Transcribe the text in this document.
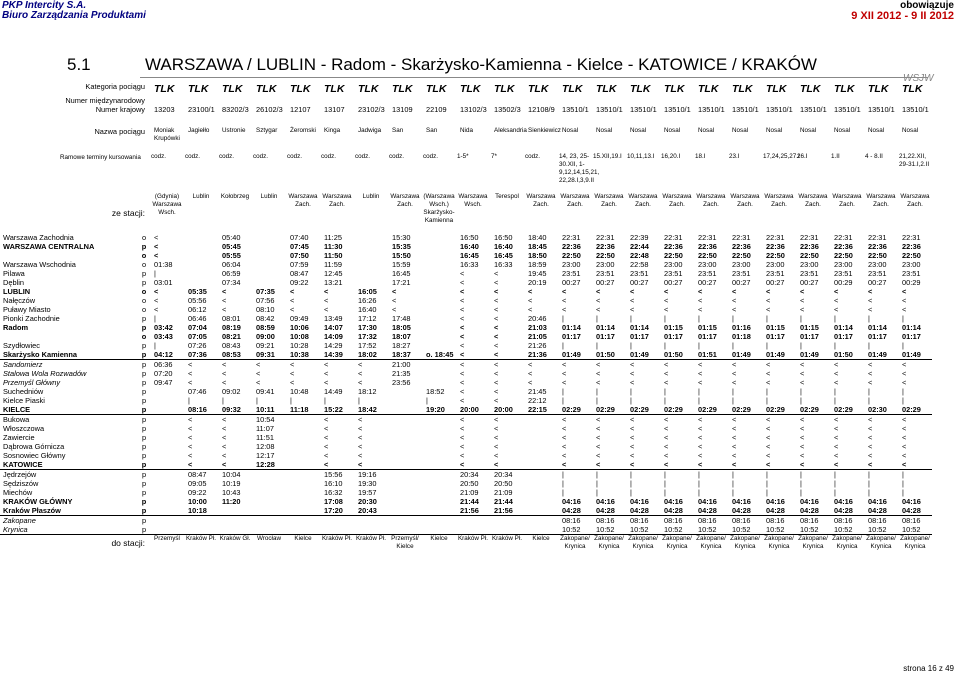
PKP Intercity S.A.
Biuro Zarządzania Produktami
obowiązuje
9 XII 2012 - 9 II 2012
5.1	WARSZAWA / LUBLIN - Radom - Skarżysko-Kamienna - Kielce - KATOWICE / KRAKÓW
WSJW
Kategoria pociągu		TLK	TLK	TLK	TLK	TLK	TLK	TLK	TLK	TLK	TLK	TLK	TLK	TLK	TLK	TLK	TLK	TLK	TLK	TLK	TLK	TLK	TLK	TLK
Numer międzynarodowy																								
Numer krajowy		13203	23100/1	83202/3	26102/3	12107	13107	23102/3	13109	22109	13102/3	13502/3	12108/9	13510/1	13510/1	13510/1	13510/1	13510/1	13510/1	13510/1	13510/1	13510/1	13510/1	13510/1
Nazwa pociągu		Moniak Krupówki	Jagiełło	Ustronie	Sztygar	Żeromski	Kinga	Jadwiga	San	San	Nida	Aleksandria	Sienkiewicz	Nosal	Nosal	Nosal	Nosal	Nosal	Nosal	Nosal	Nosal	Nosal	Nosal	Nosal
Ramowe terminy kursowania		codz.	codz.	codz.	codz.	codz.	codz.	codz.	codz.	codz.	1-5*	7*	codz.	14, 23, 25-30.XII, 1-9,12,14,15,21, 22,28.I,3,9.II	15.XII,19.I	10,11,13.I	16,20.I	18.I	23.I	17,24,25,27.I	26.I	1.II	4 - 8.II	21,22.XII, 29-31.I,2.II
ze stacji:		(Gdynia) Warszawa Wsch.	Lublin	Kołobrzeg	Lublin	Warszawa Zach.	Warszawa Zach.	Lublin	Warszawa Zach.	(Warszawa Wsch.) Skarżysko-Kamienna	Warszawa Wsch.	Terespol	Warszawa Zach.	Warszawa Zach.	Warszawa Zach.	Warszawa Zach.	Warszawa Zach.	Warszawa Zach.	Warszawa Zach.	Warszawa Zach.	Warszawa Zach.	Warszawa Zach.	Warszawa Zach.	Warszawa Zach.
Warszawa Zachodnia	o	<		05:40		07:40	11:25		15:30		16:50	16:50	18:40	22:31	22:31	22:39	22:31	22:31	22:31	22:31	22:31	22:31	22:31	22:31
WARSZAWA CENTRALNA	p	<		05:45		07:45	11:30		15:35		16:40	16:40	18:45	22:36	22:36	22:44	22:36	22:36	22:36	22:36	22:36	22:36	22:36	22:36
	o	<		05:55		07:50	11:50		15:50		16:45	16:45	18:50	22:50	22:50	22:48	22:50	22:50	22:50	22:50	22:50	22:50	22:50	22:50
Warszawa Wschodnia	o	01:38		06:04		07:59	11:59		15:59		16:33	16:33	18:59	23:00	23:00	22:58	23:00	23:00	23:00	23:00	23:00	23:00	23:00	23:00
Pilawa	p	|		06:59		08:47	12:45		16:45		<	<	19:45	23:51	23:51	23:51	23:51	23:51	23:51	23:51	23:51	23:51	23:51	23:51
Dęblin	p	03:01		07:34		09:22	13:21		17:21		<	<	20:19	00:27	00:27	00:27	00:27	00:27	00:27	00:27	00:27	00:29	00:27	00:29
LUBLIN	o	<	05:35	<	07:35	<	<	16:05	<		<	<	<	<	<	<	<	<	<	<	<	<	<	<
Nałęczów	o	<	05:56	<	07:56	<	<	16:26	<		<	<	<	<	<	<	<	<	<	<	<	<	<	<
Puławy Miasto	o	<	06:12	<	08:10	<	<	16:40	<		<	<	<	<	<	<	<	<	<	<	<	<	<	<
Pionki Zachodnie	p	|	06:46	08:01	08:42	09:49	13:49	17:12	17:48		<	<	20:46	|	|	|	|	|	|	|	|	|	|	|
Radom	p	03:42	07:04	08:19	08:59	10:06	14:07	17:30	18:05		<	<	21:03	01:14	01:14	01:14	01:15	01:15	01:16	01:15	01:15	01:14	01:14	01:14
	o	03:43	07:05	08:21	09:00	10:08	14:09	17:32	18:07		<	<	21:05	01:17	01:17	01:17	01:17	01:17	01:18	01:17	01:17	01:17	01:17	01:17
Szydłowiec	p	|	07:26	08:43	09:21	10:28	14:29	17:52	18:27		<	<	21:26	|	|	|	|	|	|	|	|	|	|	|
Skarżysko Kamienna	p	04:12	07:36	08:53	09:31	10:38	14:39	18:02	18:37	o. 18:45	<	<	21:36	01:49	01:50	01:49	01:50	01:51	01:49	01:49	01:49	01:50	01:49	01:49
Sandomierz	p	06:36	<	<	<	<	<	<	21:00		<	<	<	<	<	<	<	<	<	<	<	<	<	<
Stalowa Wola Rozwadów	p	07:20	<	<	<	<	<	<	21:35		<	<	<	<	<	<	<	<	<	<	<	<	<	<
Przemyśl Główny	p	09:47	<	<	<	<	<	<	23:56		<	<	<	<	<	<	<	<	<	<	<	<	<	<
Suchedniów	p		07:46	09:02	09:41	10:48	14:49	18:12		18:52	<	<	21:45	|	|	|	|	|	|	|	|	|	|	|
Kielce Piaski	p		|	|	|	|	|	|		|	<	<	22:12	|	|	|	|	|	|	|	|	|	|	|
KIELCE	p		08:16	09:32	10:11	11:18	15:22	18:42		19:20	20:00	20:00	22:15	02:29	02:29	02:29	02:29	02:29	02:29	02:29	02:29	02:29	02:30	02:29
Bukowa	p		<	<	10:54		<	<			<	<		<	<	<	<	<	<	<	<	<	<	<
Włoszczowa	p		<	<	11:07		<	<			<	<		<	<	<	<	<	<	<	<	<	<	<
Zawiercie	p		<	<	11:51		<	<			<	<		<	<	<	<	<	<	<	<	<	<	<
Dąbrowa Górnicza	p		<	<	12:08		<	<			<	<		<	<	<	<	<	<	<	<	<	<	<
Sosnowiec Główny	p		<	<	12:17		<	<			<	<		<	<	<	<	<	<	<	<	<	<	<
KATOWICE	p		<	<	12:28		<	<			<	<		<	<	<	<	<	<	<	<	<	<	<
Jędrzejów	p		08:47	10:04			15:56	19:16			20:34	20:34		|	|	|	|	|	|	|	|	|	|	|
Sędziszów	p		09:05	10:19			16:10	19:30			20:50	20:50		|	|	|	|	|	|	|	|	|	|	|
Miechów	p		09:22	10:43			16:32	19:57			21:09	21:09		|	|	|	|	|	|	|	|	|	|	|
KRAKÓW GŁÓWNY	p		10:00	11:20			17:08	20:30			21:44	21:44		04:16	04:16	04:16	04:16	04:16	04:16	04:16	04:16	04:16	04:16	04:16
Kraków Płaszów	p		10:18				17:20	20:43			21:56	21:56		04:28	04:28	04:28	04:28	04:28	04:28	04:28	04:28	04:28	04:28	04:28
Zakopane	p													08:16	08:16	08:16	08:16	08:16	08:16	08:16	08:16	08:16	08:16	08:16
Krynica	p													10:52	10:52	10:52	10:52	10:52	10:52	10:52	10:52	10:52	10:52	10:52
do stacji:		Przemyśl	Kraków Pł.	Kraków Gł.	Wrocław	Kielce	Kraków Pł.	Kraków Pł.	Przemyśl/ Kielce	Kielce	Kraków Pł.	Kraków Pł.	Kielce	Zakopane/ Krynica	Zakopane/ Krynica	Zakopane/ Krynica	Zakopane/ Krynica	Zakopane/ Krynica	Zakopane/ Krynica	Zakopane/ Krynica	Zakopane/ Krynica	Zakopane/ Krynica	Zakopane/ Krynica	Zakopane/ Krynica
strona 16 z 49
